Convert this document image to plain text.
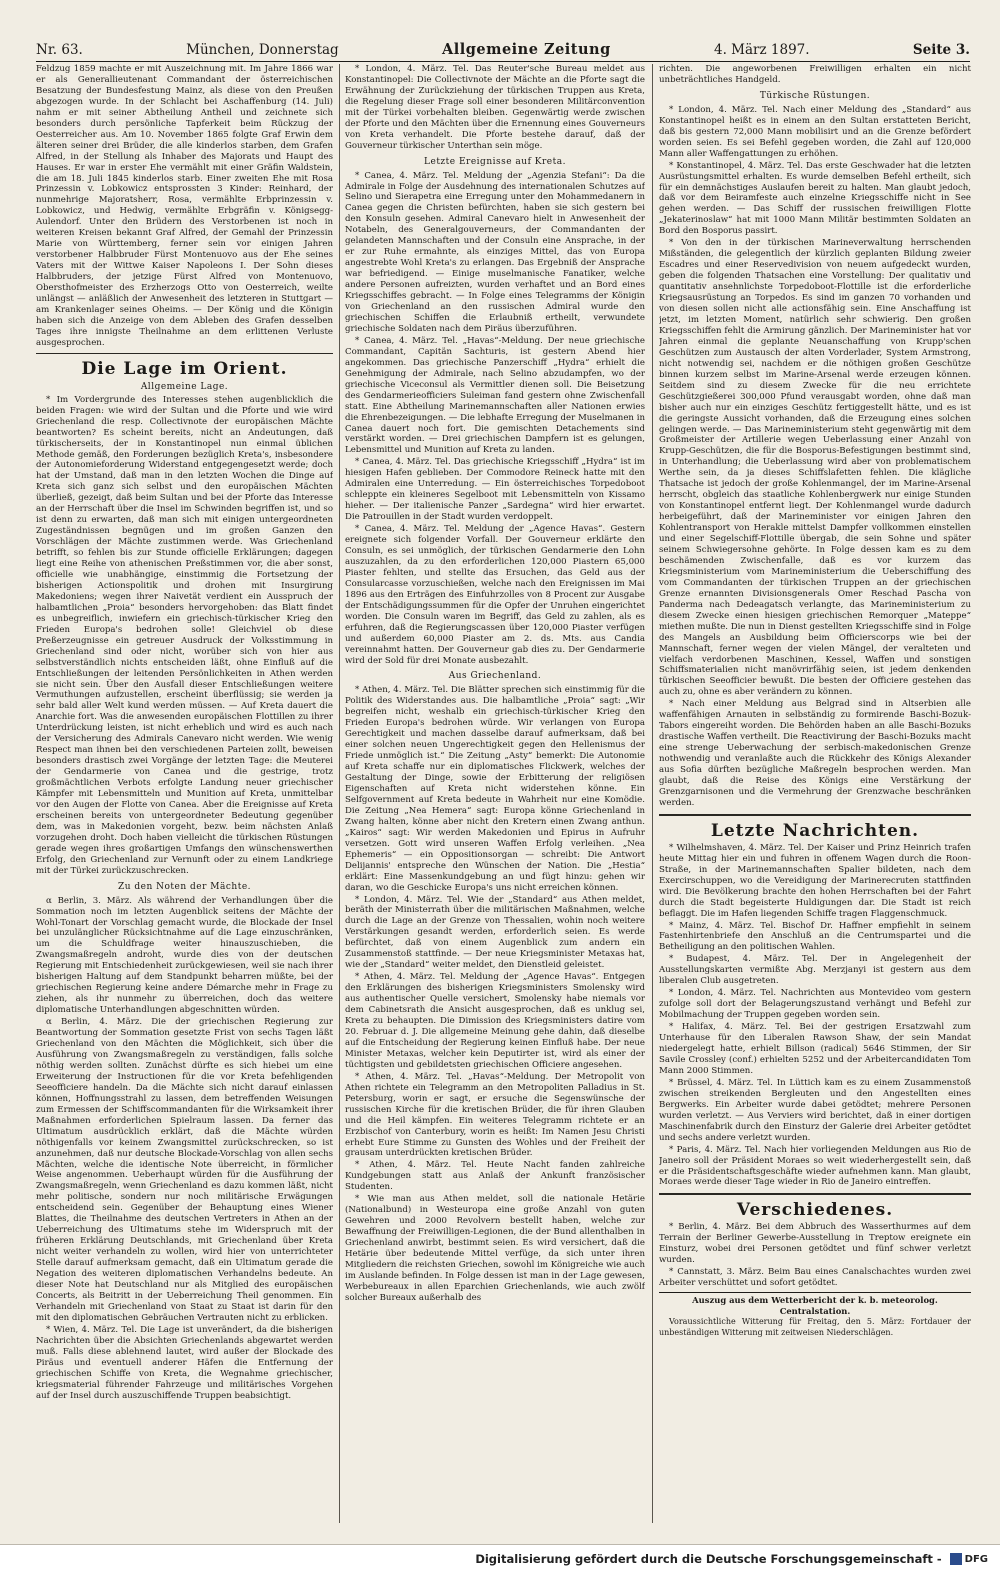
Nr. 63.	München, Donnerstag	Allgemeine Zeitung	4. März 1897.	Seite 3.

Feldzug 1859 machte er mit Auszeichnung mit. Im Jahre 1866 war er als Generallieutenant Commandant der österreichischen Besatzung der Bundesfestung Mainz, als diese von den Preußen abgezogen wurde. In der Schlacht bei Aschaffenburg (14. Juli) nahm er mit seiner Abtheilung Antheil und zeichnete sich besonders durch persönliche Tapferkeit beim Rückzug der Oesterreicher aus. Am 10. November 1865 folgte Graf Erwin dem älteren seiner drei Brüder, die alle kinderlos starben, dem Grafen Alfred, in der Stellung als Inhaber des Majorats und Haupt des Hauses. Er war in erster Ehe vermählt mit einer Gräfin Waldstein, die am 18. Juli 1845 kinderlos starb. Einer zweiten Ehe mit Rosa Prinzessin v. Lobkowicz entsprossten 3 Kinder: Reinhard, der nunmehrige Majoratsherr, Rosa, vermählte Erbprinzessin v. Lobkowicz, und Hedwig, vermählte Erbgräfin v. Königsegg-Aulendorf. Unter den Brüdern des Verstorbenen ist noch in weiteren Kreisen bekannt Graf Alfred, der Gemahl der Prinzessin Marie von Württemberg, ferner sein vor einigen Jahren verstorbener Halbbruder Fürst Montenuovo aus der Ehe seines Vaters mit der Wittwe Kaiser Napoleons I. Der Sohn dieses Halbbruders, der jetzige Fürst Alfred von Montenuovo, Obersthofmeister des Erzherzogs Otto von Oesterreich, weilte unlängst — anläßlich der Anwesenheit des letzteren in Stuttgart — am Krankenlager seines Oheims. — Der König und die Königin haben sich die Anzeige von dem Ableben des Grafen desselben Tages ihre innigste Theilnahme an dem erlittenen Verluste ausgesprochen.

Die Lage im Orient.
Allgemeine Lage.

* Im Vordergrunde des Interesses stehen augenblicklich die beiden Fragen: wie wird der Sultan und die Pforte und wie wird Griechenland die resp. Collectivnote der europäischen Mächte beantworten? Es scheint bereits, nicht an Andeutungen, daß türkischerseits, der in Konstantinopel nun einmal üblichen Methode gemäß, den Forderungen bezüglich Kreta's, insbesondere der Autonomieforderung Widerstand entgegengesetzt werde; doch hat der Umstand, daß man in den letzten Wochen die Dinge auf Kreta sich ganz sich selbst und den europäischen Mächten überließ, gezeigt, daß beim Sultan und bei der Pforte das Interesse an der Herrschaft über die Insel im Schwinden begriffen ist, und so ist denn zu erwarten, daß man sich mit einigen untergeordneten Zugeständnissen begnügen und im großen Ganzen den Vorschlägen der Mächte zustimmen werde. Was Griechenland betrifft, so fehlen bis zur Stunde officielle Erklärungen; dagegen liegt eine Reihe von athenischen Preßstimmen vor, die aber sonst, officielle wie unabhängige, einstimmig die Fortsetzung der bisherigen Actionspolitik und drohen mit Insurgirung Makedoniens; wegen ihrer Naivetät verdient ein Ausspruch der halbamtlichen „Proia“ besonders hervorgehoben: das Blatt findet es unbegreiflich, inwiefern ein griechisch-türkischer Krieg den Frieden Europa's bedrohen solle! Gleichviel ob diese Preßerzeugnisse ein getreuer Ausdruck der Volksstimmung in Griechenland sind oder nicht, worüber sich von hier aus selbstverständlich nichts entscheiden läßt, ohne Einfluß auf die Entschließungen der leitenden Persönlichkeiten in Athen werden sie nicht sein. Über den Ausfall dieser Entschließungen weitere Vermuthungen aufzustellen, erscheint überflüssig; sie werden ja sehr bald aller Welt kund werden müssen. — Auf Kreta dauert die Anarchie fort. Was die anwesenden europäischen Flottillen zu ihrer Unterdrückung leisten, ist nicht erheblich und wird es auch nach der Versicherung des Admirals Canevaro nicht werden. Wie wenig Respect man ihnen bei den verschiedenen Parteien zollt, beweisen besonders drastisch zwei Vorgänge der letzten Tage: die Meuterei der Gendarmerie von Canea und die gestrige, trotz großmächtlichen Verbots erfolgte Landung neuer griechischer Kämpfer mit Lebensmitteln und Munition auf Kreta, unmittelbar vor den Augen der Flotte von Canea. Aber die Ereignisse auf Kreta erscheinen bereits von untergeordneter Bedeutung gegenüber dem, was in Makedonien vorgeht, bezw. beim nächsten Anlaß vorzugehen droht. Doch haben vielleicht die türkischen Rüstungen gerade wegen ihres großartigen Umfangs den wünschenswerthen Erfolg, den Griechenland zur Vernunft oder zu einem Landkriege mit der Türkei zurückzuschrecken.

Zu den Noten der Mächte.

α Berlin, 3. März. Als während der Verhandlungen über die Sommation noch im letzten Augenblick seitens der Mächte der Wohl-Tonart der Vorschlag gemacht wurde, die Blockade der Insel bei unzulänglicher Rücksichtnahme auf die Lage einzuschränken, um die Schuldfrage weiter hinauszuschieben, die Zwangsmaßregeln androht, wurde dies von der deutschen Regierung mit Entschiedenheit zurückgewiesen, weil sie nach ihrer bisherigen Haltung auf dem Standpunkt beharren müßte, bei der griechischen Regierung keine andere Démarche mehr in Frage zu ziehen, als ihr nunmehr zu überreichen, doch das weitere diplomatische Unterhandlungen abgeschnitten würden.

α Berlin, 4. März. Die der griechischen Regierung zur Beantwortung der Sommation gesetzte Frist von sechs Tagen läßt Griechenland von den Mächten die Möglichkeit, sich über die Ausführung von Zwangsmaßregeln zu verständigen, falls solche nöthig werden sollten. Zunächst dürfte es sich hiebei um eine Erweiterung der Instructionen für die vor Kreta befehligenden Seeofficiere handeln. Da die Mächte sich nicht darauf einlassen können, Hoffnungsstrahl zu lassen, dem betreffenden Weisungen zum Ermessen der Schiffscommandanten für die Wirksamkeit ihrer Maßnahmen erforderlichen Spielraum lassen. Da ferner das Ultimatum ausdrücklich erklärt, daß die Mächte würden nöthigenfalls vor keinem Zwangsmittel zurückschrecken, so ist anzunehmen, daß nur deutsche Blockade-Vorschlag von allen sechs Mächten, welche die identische Note überreicht, in förmlicher Weise angenommen. Ueberhaupt würden für die Ausführung der Zwangsmaßregeln, wenn Griechenland es dazu kommen läßt, nicht mehr politische, sondern nur noch militärische Erwägungen entscheidend sein. Gegenüber der Behauptung eines Wiener Blattes, die Theilnahme des deutschen Vertreters in Athen an der Ueberreichung des Ultimatums stehe im Widerspruch mit der früheren Erklärung Deutschlands, mit Griechenland über Kreta nicht weiter verhandeln zu wollen, wird hier von unterrichteter Stelle darauf aufmerksam gemacht, daß ein Ultimatum gerade die Negation des weiteren diplomatischen Verhandelns bedeute. An dieser Note hat Deutschland nur als Mitglied des europäischen Concerts, als Beitritt in der Ueberreichung Theil genommen. Ein Verhandeln mit Griechenland von Staat zu Staat ist darin für den mit den diplomatischen Gebräuchen Vertrauten nicht zu erblicken.

* Wien, 4. März. Tel. Die Lage ist unverändert, da die bisherigen Nachrichten über die Absichten Griechenlands abgewartet werden muß. Falls diese ablehnend lautet, wird außer der Blockade des Piräus und eventuell anderer Häfen die Entfernung der griechischen Schiffe von Kreta, die Wegnahme griechischer, kriegsmaterial führender Fahrzeuge und militärisches Vorgehen auf der Insel durch auszuschiffende Truppen beabsichtigt.

* London, 4. März. Tel. Das Reuter'sche Bureau meldet aus Konstantinopel: Die Collectivnote der Mächte an die Pforte sagt die Erwähnung der Zurückziehung der türkischen Truppen aus Kreta, die Regelung dieser Frage soll einer besonderen Militärconvention mit der Türkei vorbehalten bleiben. Gegenwärtig werde zwischen der Pforte und den Mächten über die Ernennung eines Gouverneurs von Kreta verhandelt. Die Pforte bestehe darauf, daß der Gouverneur türkischer Unterthan sein möge.

Letzte Ereignisse auf Kreta.

* Canea, 4. März. Tel. Meldung der „Agenzia Stefani“: Da die Admirale in Folge der Ausdehnung des internationalen Schutzes auf Selino und Sierapetra eine Erregung unter den Mohammedanern in Canea gegen die Christen befürchten, haben sie sich gestern bei den Konsuln gesehen. Admiral Canevaro hielt in Anwesenheit der Notabeln, des Generalgouverneurs, der Commandanten der gelandeten Mannschaften und der Consuln eine Ansprache, in der er zur Ruhe ermahnte, als einziges Mittel, das von Europa angestrebte Wohl Kreta's zu erlangen. Das Ergebniß der Ansprache war befriedigend. — Einige muselmanische Fanatiker, welche andere Personen aufreizten, wurden verhaftet und an Bord eines Kriegsschiffes gebracht. — In Folge eines Telegramms der Königin von Griechenland an den russischen Admiral wurde den griechischen Schiffen die Erlaubniß ertheilt, verwundete griechische Soldaten nach dem Piräus überzuführen.

* Canea, 4. März. Tel. „Havas“-Meldung. Der neue griechische Commandant, Capitän Sachturis, ist gestern Abend hier angekommen. Das griechische Panzerschiff „Hydra“ erhielt die Genehmigung der Admirale, nach Selino abzudampfen, wo der griechische Viceconsul als Vermittler dienen soll. Die Beisetzung des Gendarmerieofficiers Suleiman fand gestern ohne Zwischenfall statt. Eine Abtheilung Marinemannschaften aller Nationen erwies die Ehrenbezeigungen. — Die lebhafte Erregung der Muselmanen in Canea dauert noch fort. Die gemischten Detachements sind verstärkt worden. — Drei griechischen Dampfern ist es gelungen, Lebensmittel und Munition auf Kreta zu landen.

* Canea, 4. März. Tel. Das griechische Kriegsschiff „Hydra“ ist im hiesigen Hafen geblieben. Der Commodore Reineck hatte mit den Admiralen eine Unterredung. — Ein österreichisches Torpedoboot schleppte ein kleineres Segelboot mit Lebensmitteln von Kissamo hieher. — Der italienische Panzer „Sardegna“ wird hier erwartet. Die Patrouillen in der Stadt wurden verdoppelt.

* Canea, 4. März. Tel. Meldung der „Agence Havas“. Gestern ereignete sich folgender Vorfall. Der Gouverneur erklärte den Consuln, es sei unmöglich, der türkischen Gendarmerie den Lohn auszuzahlen, da zu den erforderlichen 120,000 Piastern 65,000 Piaster fehlten, und stellte das Ersuchen, das Geld aus der Consularcasse vorzuschießen, welche nach den Ereignissen im Mai 1896 aus den Erträgen des Einfuhrzolles von 8 Procent zur Ausgabe der Entschädigungssummen für die Opfer der Unruhen eingerichtet worden. Die Consuln waren im Begriff, das Geld zu zahlen, als es erfuhren, daß die Regierungscassen über 120,000 Piaster verfügen und außerdem 60,000 Piaster am 2. ds. Mts. aus Candia vereinnahmt hatten. Der Gouverneur gab dies zu. Der Gendarmerie wird der Sold für drei Monate ausbezahlt.

Aus Griechenland.

* Athen, 4. März. Tel. Die Blätter sprechen sich einstimmig für die Politik des Widerstandes aus. Die halbamtliche „Proia“ sagt: „Wir begreifen nicht, weshalb ein griechisch-türkischer Krieg den Frieden Europa's bedrohen würde. Wir verlangen von Europa Gerechtigkeit und machen dasselbe darauf aufmerksam, daß bei einer solchen neuen Ungerechtigkeit gegen den Hellenismus der Friede unmöglich ist.“ Die Zeitung „Asty“ bemerkt: Die Autonomie auf Kreta schaffe nur ein diplomatisches Flickwerk, welches der Gestaltung der Dinge, sowie der Erbitterung der religiösen Eigenschaften auf Kreta nicht widerstehen könne. Ein Selfgovernment auf Kreta bedeute in Wahrheit nur eine Komödie. Die Zeitung „Nea Hemera“ sagt: Europa könne Griechenland in Zwang halten, könne aber nicht den Kretern einen Zwang anthun. „Kairos“ sagt: Wir werden Makedonien und Epirus in Aufruhr versetzen. Gott wird unseren Waffen Erfolg verleihen. „Nea Ephemeris“ — ein Oppositionsorgan — schreibt: Die Antwort Delijannis' entspreche den Wünschen der Nation. Die „Hestia“ erklärt: Eine Massenkundgebung an und fügt hinzu: gehen wir daran, wo die Geschicke Europa's uns nicht erreichen können.

* London, 4. März. Tel. Wie der „Standard“ aus Athen meldet, beräth der Ministerrath über die militärischen Maßnahmen, welche durch die Lage an der Grenze von Thessalien, wohin noch weitere Verstärkungen gesandt werden, erforderlich seien. Es werde befürchtet, daß von einem Augenblick zum andern ein Zusammenstoß stattfinde. — Der neue Kriegsminister Metaxas hat, wie der „Standard“ weiter meldet, den Dienstleid geleistet.

* Athen, 4. März. Tel. Meldung der „Agence Havas“. Entgegen den Erklärungen des bisherigen Kriegsministers Smolensky wird aus authentischer Quelle versichert, Smolensky habe niemals vor dem Cabinetsrath die Ansicht ausgesprochen, daß es unklug sei, Kreta zu behaupten. Die Dimission des Kriegsministers datire vom 20. Februar d. J. Die allgemeine Meinung gehe dahin, daß dieselbe auf die Entscheidung der Regierung keinen Einfluß habe. Der neue Minister Metaxas, welcher kein Deputirter ist, wird als einer der tüchtigsten und gebildetsten griechischen Officiere angesehen.

* Athen, 4. März. Tel. „Havas“-Meldung. Der Metropolit von Athen richtete ein Telegramm an den Metropoliten Palladius in St. Petersburg, worin er sagt, er ersuche die Segenswünsche der russischen Kirche für die kretischen Brüder, die für ihren Glauben und die Heil kämpfen. Ein weiteres Telegramm richtete er an Erzbischof von Canterbury, worin es heißt: Im Namen Jesu Christi erhebt Eure Stimme zu Gunsten des Wohles und der Freiheit der grausam unterdrückten kretischen Brüder.

* Athen, 4. März. Tel. Heute Nacht fanden zahlreiche Kundgebungen statt aus Anlaß der Ankunft französischer Studenten.

* Wie man aus Athen meldet, soll die nationale Hetärie (Nationalbund) in Westeuropa eine große Anzahl von guten Gewehren und 2000 Revolvern bestellt haben, welche zur Bewaffnung der Freiwilligen-Legionen, die der Bund allenthalben in Griechenland anwirbt, bestimmt seien. Es wird versichert, daß die Hetärie über bedeutende Mittel verfüge, da sich unter ihren Mitgliedern die reichsten Griechen, sowohl im Königreiche wie auch im Auslande befinden. In Folge dessen ist man in der Lage gewesen, Werbebureaux in allen Eparchien Griechenlands, wie auch zwölf solcher Bureaux außerhalb des

richten. Die angeworbenen Freiwilligen erhalten ein nicht unbeträchtliches Handgeld.

Türkische Rüstungen.

* London, 4. März. Tel. Nach einer Meldung des „Standard“ aus Konstantinopel heißt es in einem an den Sultan erstatteten Bericht, daß bis gestern 72,000 Mann mobilisirt und an die Grenze befördert worden seien. Es sei Befehl gegeben worden, die Zahl auf 120,000 Mann aller Waffengattungen zu erhöhen.

* Konstantinopel, 4. März. Tel. Das erste Geschwader hat die letzten Ausrüstungsmittel erhalten. Es wurde demselben Befehl ertheilt, sich für ein demnächstiges Auslaufen bereit zu halten. Man glaubt jedoch, daß vor dem Beiramfeste auch einzelne Kriegsschiffe nicht in See gehen werden. — Das Schiff der russischen freiwilligen Flotte „Jekaterinoslaw“ hat mit 1000 Mann Militär bestimmten Soldaten an Bord den Bosporus passirt.

* Von den in der türkischen Marineverwaltung herrschenden Mißständen, die gelegentlich der kürzlich geplanten Bildung zweier Escadres und einer Reservedivision von neuem aufgedeckt wurden, geben die folgenden Thatsachen eine Vorstellung: Der qualitativ und quantitativ ansehnlichste Torpedoboot-Flottille ist die erforderliche Kriegsausrüstung an Torpedos. Es sind im ganzen 70 vorhanden und von diesen sollen nicht alle actionsfähig sein. Eine Anschaffung ist jetzt, im letzten Moment, natürlich sehr schwierig. Den großen Kriegsschiffen fehlt die Armirung gänzlich. Der Marineminister hat vor Jahren einmal die geplante Neuanschaffung von Krupp'schen Geschützen zum Austausch der alten Vorderlader, System Armstrong, nicht notwendig sei, nachdem er die nöthigen großen Geschütze binnen kurzem selbst im Marine-Arsenal werde erzeugen können. Seitdem sind zu diesem Zwecke für die neu errichtete Geschützgießerei 300,000 Pfund verausgabt worden, ohne daß man bisher auch nur ein einziges Geschütz fertiggestellt hätte, und es ist die geringste Aussicht vorhanden, daß die Erzeugung eines solchen gelingen werde. — Das Marineministerium steht gegenwärtig mit dem Großmeister der Artillerie wegen Ueberlassung einer Anzahl von Krupp-Geschützen, die für die Bosporus-Befestigungen bestimmt sind, in Unterhandlung; die Ueberlassung wird aber von problematischem Werthe sein, da ja dieses Schiffslafetten fehlen. Die klägliche Thatsache ist jedoch der große Kohlenmangel, der im Marine-Arsenal herrscht, obgleich das staatliche Kohlenbergwerk nur einige Stunden von Konstantinopel entfernt liegt. Der Kohlenmangel wurde dadurch herbeigeführt, daß der Marineminister vor einigen Jahren den Kohlentransport von Herakle mittelst Dampfer vollkommen einstellen und einer Segelschiff-Flottille übergab, die sein Sohne und später seinem Schwiegersohne gehörte. In Folge dessen kam es zu dem beschämenden Zwischenfalle, daß es vor kurzem das Kriegsministerium vom Marineministerium die Ueberschiffung des vom Commandanten der türkischen Truppen an der griechischen Grenze ernannten Divisionsgenerals Omer Reschad Pascha von Panderma nach Dedeagatsch verlangte, das Marineministerium zu diesem Zwecke einen hiesigen griechischen Remorquer „Mateppe“ miethen mußte. Die nun in Dienst gestellten Kriegsschiffe sind in Folge des Mangels an Ausbildung beim Officierscorps wie bei der Mannschaft, ferner wegen der vielen Mängel, der veralteten und vielfach verdorbenen Maschinen, Kessel, Waffen und sonstigen Schiffsmaterialien nicht manövrirfähig seien, ist jedem denkenden türkischen Seeofficier bewußt. Die besten der Officiere gestehen das auch zu, ohne es aber verändern zu können.

* Nach einer Meldung aus Belgrad sind in Altserbien alle waffenfähigen Arnauten in selbständig zu formirende Baschi-Bozuk-Tabors eingereiht worden. Die Behörden haben an alle Baschi-Bozuks drastische Waffen vertheilt. Die Reactivirung der Baschi-Bozuks macht eine strenge Ueberwachung der serbisch-makedonischen Grenze nothwendig und veranlaßte auch die Rückkehr des Königs Alexander aus Sofia dürften bezügliche Maßregeln besprochen werden. Man glaubt, daß die Reise des Königs eine Verstärkung der Grenzgarnisonen und die Vermehrung der Grenzwache beschränken werden.

Letzte Nachrichten.

* Wilhelmshaven, 4. März. Tel. Der Kaiser und Prinz Heinrich trafen heute Mittag hier ein und fuhren in offenem Wagen durch die Roon-Straße, in der Marinemannschaften Spalier bildeten, nach dem Exercirschuppen, wo die Vereidigung der Marinerecruten stattfinden wird. Die Bevölkerung brachte den hohen Herrschaften bei der Fahrt durch die Stadt begeisterte Huldigungen dar. Die Stadt ist reich beflaggt. Die im Hafen liegenden Schiffe tragen Flaggenschmuck.

* Mainz, 4. März. Tel. Bischof Dr. Haffner empfiehlt in seinem Fastenhirtenbriefe den Anschluß an die Centrumspartei und die Betheiligung an den politischen Wahlen.

* Budapest, 4. März. Tel. Der in Angelegenheit der Ausstellungskarten vermißte Abg. Merzjanyi ist gestern aus dem liberalen Club ausgetreten.

* London, 4. März. Tel. Nachrichten aus Montevideo vom gestern zufolge soll dort der Belagerungszustand verhängt und Befehl zur Mobilmachung der Truppen gegeben worden sein.

* Halifax, 4. März. Tel. Bei der gestrigen Ersatzwahl zum Unterhause für den Liberalen Rawson Shaw, der sein Mandat niedergelegt hatte, erhielt Billson (radical) 5646 Stimmen, der Sir Savile Crossley (conf.) erhielten 5252 und der Arbeitercandidaten Tom Mann 2000 Stimmen.

* Brüssel, 4. März. Tel. In Lüttich kam es zu einem Zusammenstoß zwischen streikenden Bergleuten und den Angestellten eines Bergwerks. Ein Arbeiter wurde dabei getödtet; mehrere Personen wurden verletzt. — Aus Verviers wird berichtet, daß in einer dortigen Maschinenfabrik durch den Einsturz der Galerie drei Arbeiter getödtet und sechs andere verletzt wurden.

* Paris, 4. März. Tel. Nach hier vorliegenden Meldungen aus Rio de Janeiro soll der Präsident Moraes so weit wiederhergestellt sein, daß er die Präsidentschaftsgeschäfte wieder aufnehmen kann. Man glaubt, Moraes werde dieser Tage wieder in Rio de Janeiro eintreffen.

Verschiedenes.

* Berlin, 4. März. Bei dem Abbruch des Wasserthurmes auf dem Terrain der Berliner Gewerbe-Ausstellung in Treptow ereignete ein Einsturz, wobei drei Personen getödtet und fünf schwer verletzt wurden.

* Cannstatt, 3. März. Beim Bau eines Canalschachtes wurden zwei Arbeiter verschüttet und sofort getödtet.

Auszug aus dem Wetterbericht der k. b. meteorolog. Centralstation.

Voraussichtliche Witterung für Freitag, den 5. März: Fortdauer der unbeständigen Witterung mit zeitweisen Niederschlägen.

Digitalisierung gefördert durch die Deutsche Forschungsgemeinschaft - DFG
